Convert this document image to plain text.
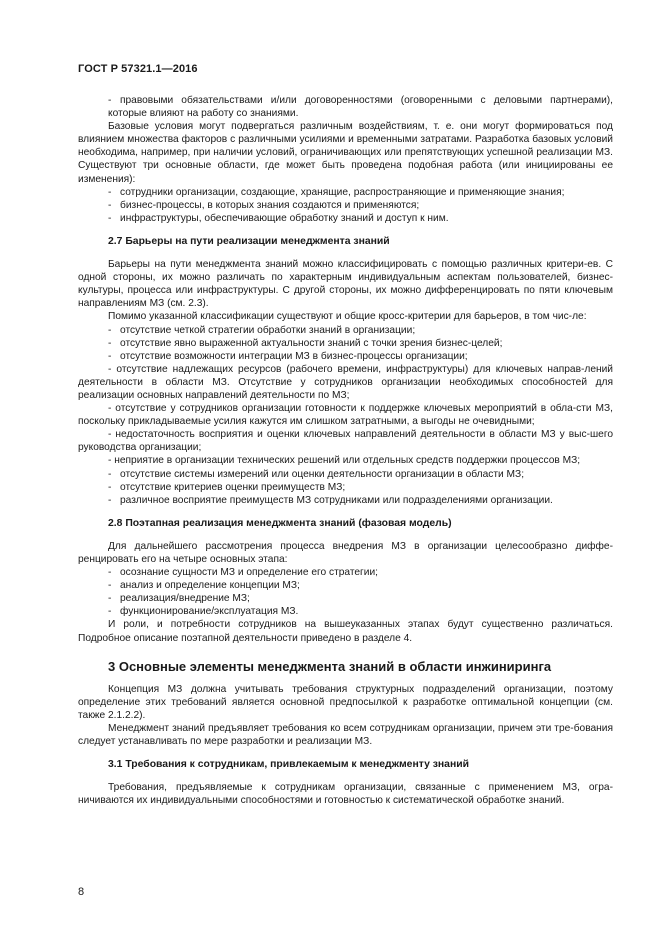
ГОСТ Р 57321.1—2016

- правовыми обязательствами и/или договоренностями (оговоренными с деловыми партнерами), которые влияют на работу со знаниями.

Базовые условия могут подвергаться различным воздействиям, т. е. они могут формироваться под влиянием множества факторов с различными усилиями и временными затратами. Разработка базовых условий необходима, например, при наличии условий, ограничивающих или препятствующих успешной реализации МЗ. Существуют три основные области, где может быть проведена подобная работа (или инициированы ее изменения):

- сотрудники организации, создающие, хранящие, распространяющие и применяющие знания;

- бизнес-процессы, в которых знания создаются и применяются;

- инфраструктуры, обеспечивающие обработку знаний и доступ к ним.

2.7 Барьеры на пути реализации менеджмента знаний

Барьеры на пути менеджмента знаний можно классифицировать с помощью различных критери-ев. С одной стороны, их можно различать по характерным индивидуальным аспектам пользователей, бизнес-культуры, процесса или инфраструктуры. С другой стороны, их можно дифференцировать по пяти ключевым направлениям МЗ (см. 2.3).

Помимо указанной классификации существуют и общие кросс-критерии для барьеров, в том чис-ле:

- отсутствие четкой стратегии обработки знаний в организации;

- отсутствие явно выраженной актуальности знаний с точки зрения бизнес-целей;

- отсутствие возможности интеграции МЗ в бизнес-процессы организации;

- отсутствие надлежащих ресурсов (рабочего времени, инфраструктуры) для ключевых направ-лений деятельности в области МЗ. Отсутствие у сотрудников организации необходимых способностей для реализации основных направлений деятельности по МЗ;

- отсутствие у сотрудников организации готовности к поддержке ключевых мероприятий в обла-сти МЗ, поскольку прикладываемые усилия кажутся им слишком затратными, а выгоды не очевидными;

- недостаточность восприятия и оценки ключевых направлений деятельности в области МЗ у выс-шего руководства организации;

- неприятие в организации технических решений или отдельных средств поддержки процессов МЗ;

- отсутствие системы измерений или оценки деятельности организации в области МЗ;

- отсутствие критериев оценки преимуществ МЗ;

- различное восприятие преимуществ МЗ сотрудниками или подразделениями организации.

2.8 Поэтапная реализация менеджмента знаний (фазовая модель)

Для дальнейшего рассмотрения процесса внедрения МЗ в организации целесообразно диффе-ренцировать его на четыре основных этапа:

- осознание сущности МЗ и определение его стратегии;

- анализ и определение концепции МЗ;

- реализация/внедрение МЗ;

- функционирование/эксплуатация МЗ.

И роли, и потребности сотрудников на вышеуказанных этапах будут существенно различаться. Подробное описание поэтапной деятельности приведено в разделе 4.

3 Основные элементы менеджмента знаний в области инжиниринга

Концепция МЗ должна учитывать требования структурных подразделений организации, поэтому определение этих требований является основной предпосылкой к разработке оптимальной концепции (см. также 2.1.2.2).

Менеджмент знаний предъявляет требования ко всем сотрудникам организации, причем эти тре-бования следует устанавливать по мере разработки и реализации МЗ.

3.1 Требования к сотрудникам, привлекаемым к менеджменту знаний

Требования, предъявляемые к сотрудникам организации, связанные с применением МЗ, огра-ничиваются их индивидуальными способностями и готовностью к систематической обработке знаний.

8
